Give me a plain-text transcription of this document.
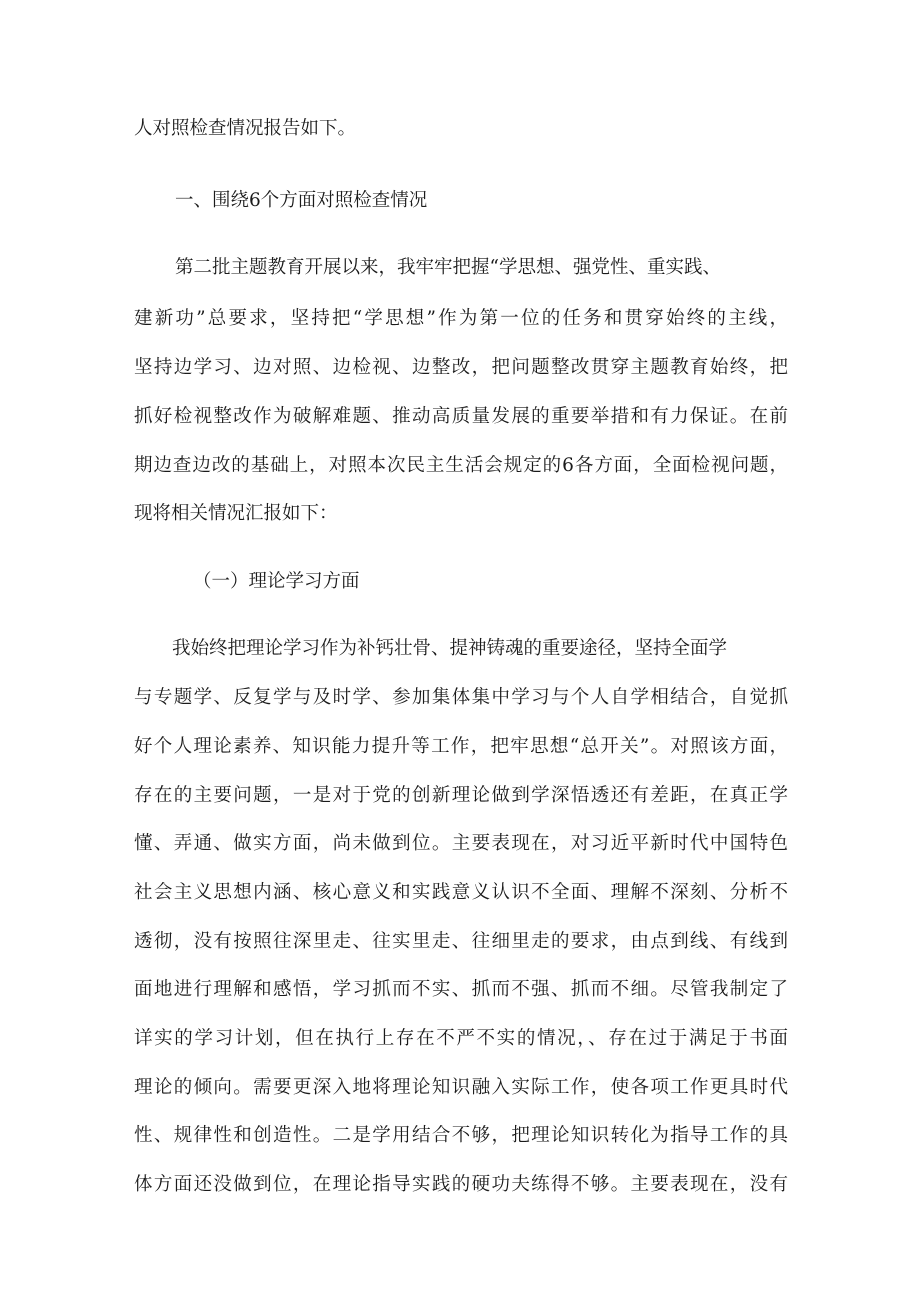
人对照检查情况报告如下。
一、围绕6个方面对照检查情况
第二批主题教育开展以来，我牢牢把握“学思想、强党性、重实践、
建新功”总要求，坚持把“学思想”作为第一位的任务和贯穿始终的主线，
坚持边学习、边对照、边检视、边整改，把问题整改贯穿主题教育始终，把
抓好检视整改作为破解难题、推动高质量发展的重要举措和有力保证。在前
期边查边改的基础上，对照本次民主生活会规定的6各方面，全面检视问题，
现将相关情况汇报如下：
（一）理论学习方面
我始终把理论学习作为补钙壮骨、提神铸魂的重要途径，坚持全面学
与专题学、反复学与及时学、参加集体集中学习与个人自学相结合，自觉抓
好个人理论素养、知识能力提升等工作，把牢思想“总开关”。对照该方面，
存在的主要问题，一是对于党的创新理论做到学深悟透还有差距，在真正学
懂、弄通、做实方面，尚未做到位。主要表现在，对习近平新时代中国特色
社会主义思想内涵、核心意义和实践意义认识不全面、理解不深刻、分析不
透彻，没有按照往深里走、往实里走、往细里走的要求，由点到线、有线到
面地进行理解和感悟，学习抓而不实、抓而不强、抓而不细。尽管我制定了
详实的学习计划，但在执行上存在不严不实的情况，、存在过于满足于书面
理论的倾向。需要更深入地将理论知识融入实际工作，使各项工作更具时代
性、规律性和创造性。二是学用结合不够，把理论知识转化为指导工作的具
体方面还没做到位，在理论指导实践的硬功夫练得不够。主要表现在，没有
